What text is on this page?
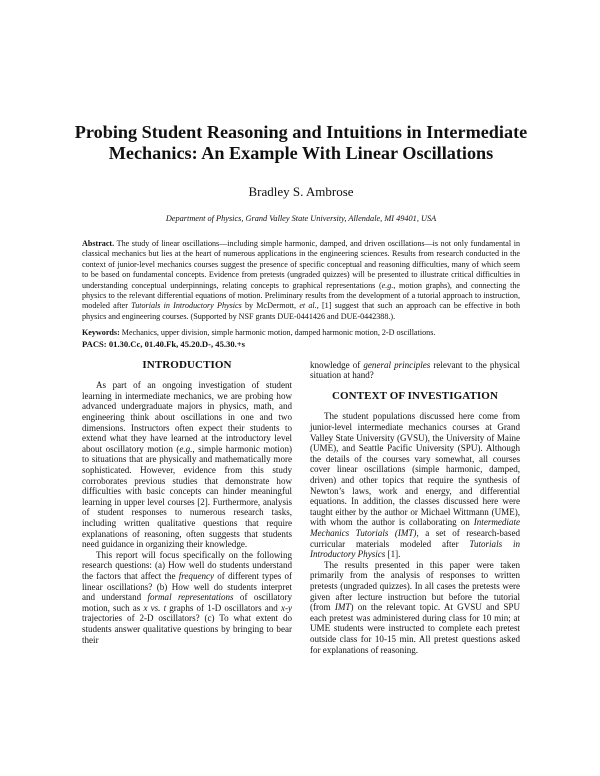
Probing Student Reasoning and Intuitions in Intermediate
Mechanics: An Example With Linear Oscillations
Bradley S. Ambrose
Department of Physics, Grand Valley State University, Allendale, MI 49401, USA
Abstract. The study of linear oscillations—including simple harmonic, damped, and driven oscillations—is not only fundamental in classical mechanics but lies at the heart of numerous applications in the engineering sciences. Results from research conducted in the context of junior-level mechanics courses suggest the presence of specific conceptual and reasoning difficulties, many of which seem to be based on fundamental concepts. Evidence from pretests (ungraded quizzes) will be presented to illustrate critical difficulties in understanding conceptual underpinnings, relating concepts to graphical representations (e.g., motion graphs), and connecting the physics to the relevant differential equations of motion. Preliminary results from the development of a tutorial approach to instruction, modeled after Tutorials in Introductory Physics by McDermott, et al., [1] suggest that such an approach can be effective in both physics and engineering courses. (Supported by NSF grants DUE-0441426 and DUE-0442388.).
Keywords: Mechanics, upper division, simple harmonic motion, damped harmonic motion, 2-D oscillations.
PACS: 01.30.Cc, 01.40.Fk, 45.20.D-, 45.30.+s
INTRODUCTION

As part of an ongoing investigation of student learning in intermediate mechanics, we are probing how advanced undergraduate majors in physics, math, and engineering think about oscillations in one and two dimensions. Instructors often expect their students to extend what they have learned at the introductory level about oscillatory motion (e.g., simple harmonic motion) to situations that are physically and mathematically more sophisticated. However, evidence from this study corroborates previous studies that demonstrate how difficulties with basic concepts can hinder meaningful learning in upper level courses [2]. Furthermore, analysis of student responses to numerous research tasks, including written qualitative questions that require explanations of reasoning, often suggests that students need guidance in organizing their knowledge.

This report will focus specifically on the following research questions: (a) How well do students understand the factors that affect the frequency of different types of linear oscillations? (b) How well do students interpret and understand formal representations of oscillatory motion, such as x vs. t graphs of 1-D oscillators and x-y trajectories of 2-D oscillators? (c) To what extent do students answer qualitative questions by bringing to bear their

knowledge of general principles relevant to the physical situation at hand?

CONTEXT OF INVESTIGATION

The student populations discussed here come from junior-level intermediate mechanics courses at Grand Valley State University (GVSU), the University of Maine (UME), and Seattle Pacific University (SPU). Although the details of the courses vary somewhat, all courses cover linear oscillations (simple harmonic, damped, driven) and other topics that require the synthesis of Newton’s laws, work and energy, and differential equations. In addition, the classes discussed here were taught either by the author or Michael Wittmann (UME), with whom the author is collaborating on Intermediate Mechanics Tutorials (IMT), a set of research-based curricular materials modeled after Tutorials in Introductory Physics [1].

The results presented in this paper were taken primarily from the analysis of responses to written pretests (ungraded quizzes). In all cases the pretests were given after lecture instruction but before the tutorial (from IMT) on the relevant topic. At GVSU and SPU each pretest was administered during class for 10 min; at UME students were instructed to complete each pretest outside class for 10-15 min. All pretest questions asked for explanations of reasoning.
